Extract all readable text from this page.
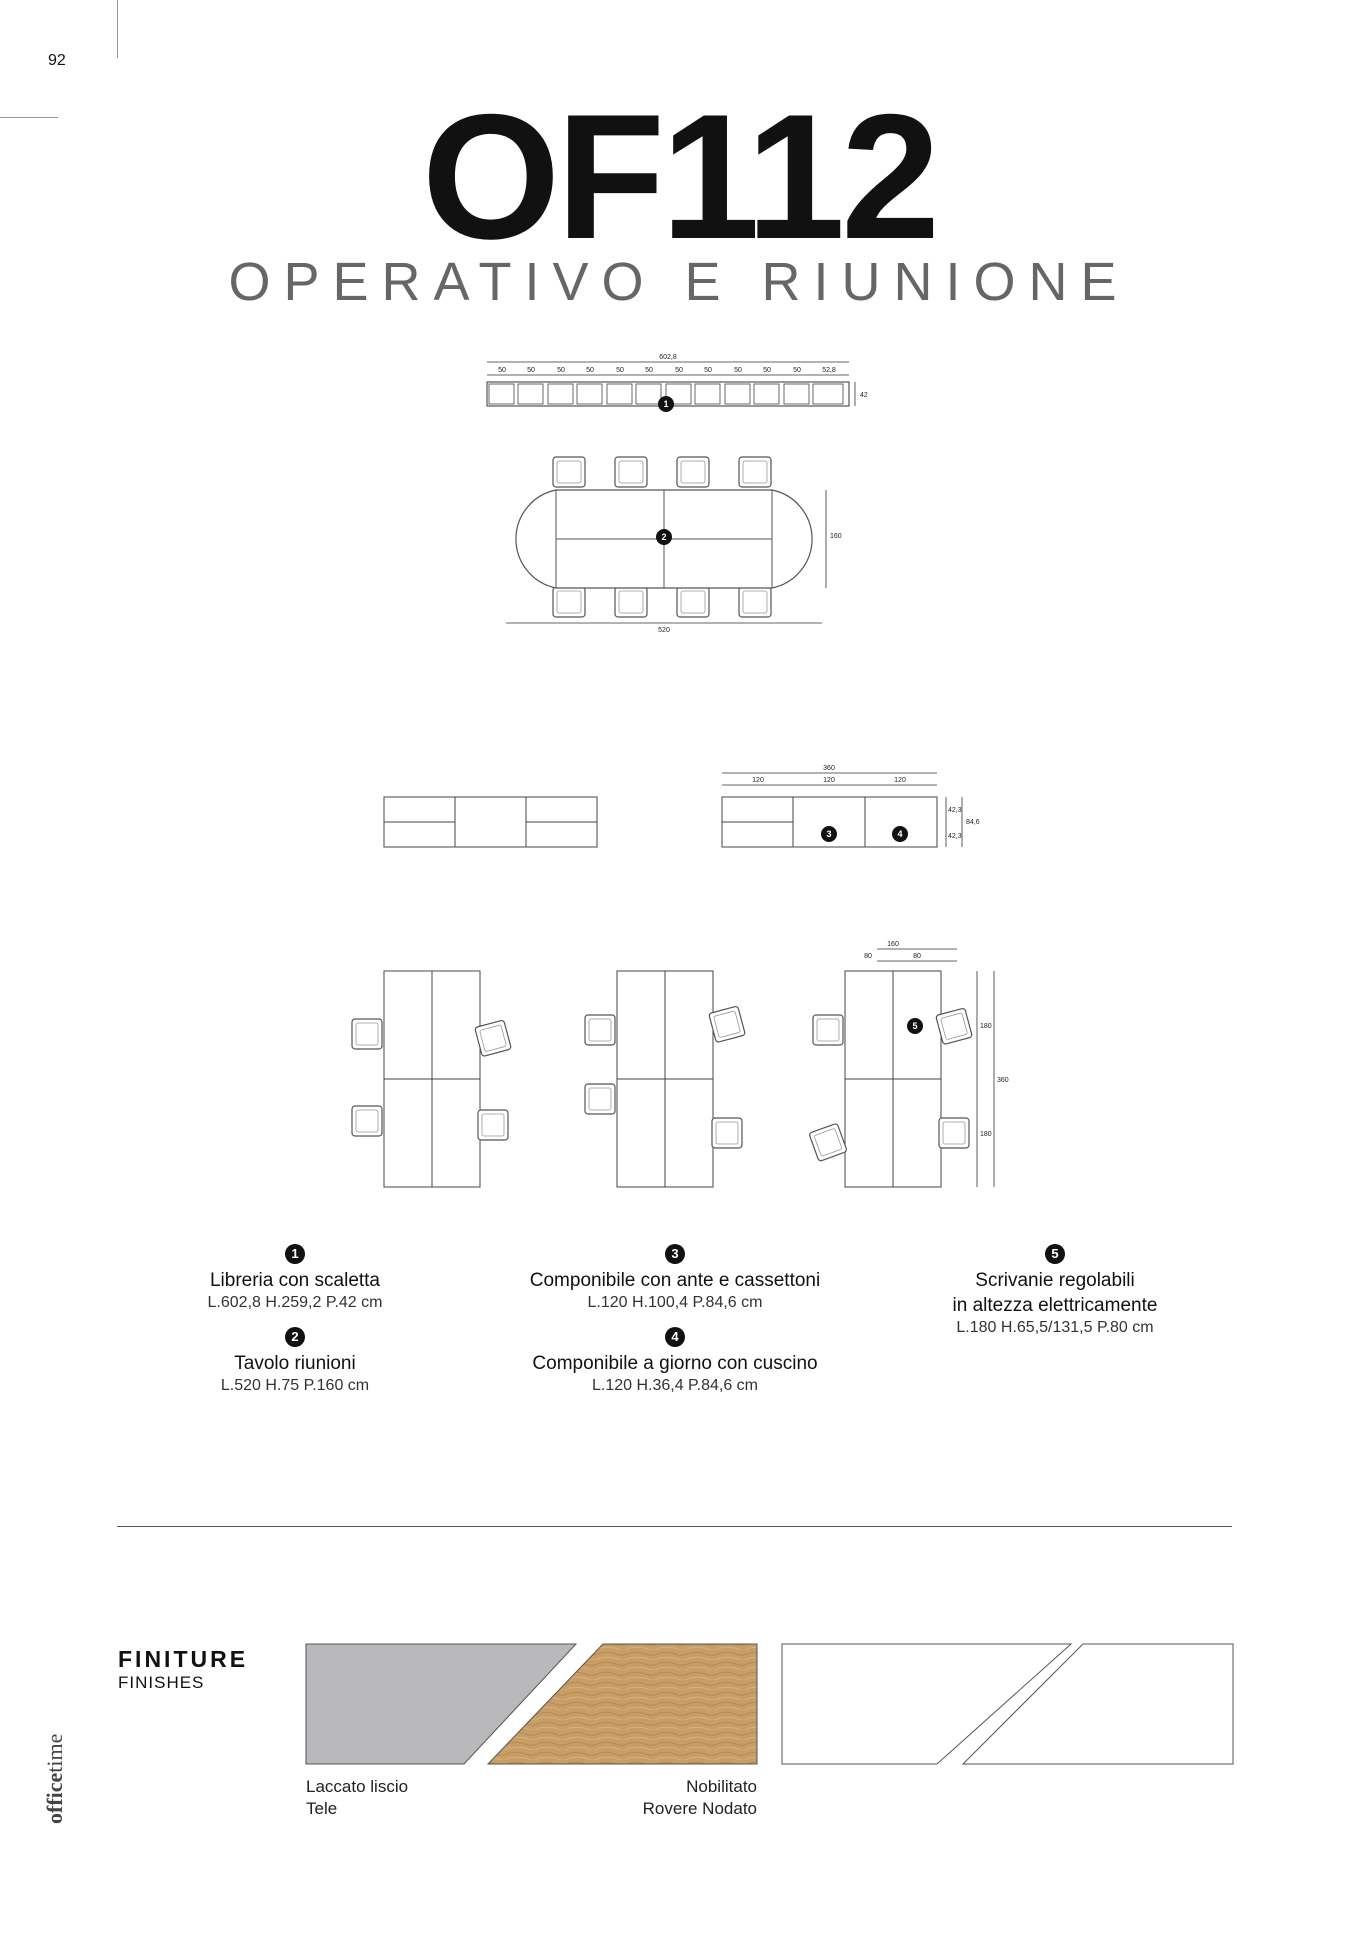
92
OF112
OPERATIVO E RIUNIONE
602,8
50	50	50	50	50	50	50	50	50	50	50	52,8
42
1
2	160
520
360
120	120	120
3	4
42,3
42,3
84,6
5
160
80	80
180
180
360
1
Libreria con scaletta
L.602,8 H.259,2 P.42 cm
2
Tavolo riunioni
L.520 H.75 P.160 cm
3
Componibile con ante e cassettoni
L.120 H.100,4 P.84,6 cm
4
Componibile a giorno con cuscino
L.120 H.36,4 P.84,6 cm
5
Scrivanie regolabili
in altezza elettricamente
L.180 H.65,5/131,5 P.80 cm
FINITURE
FINISHES
Laccato liscio
Tele
Nobilitato
Rovere Nodato
officetime
